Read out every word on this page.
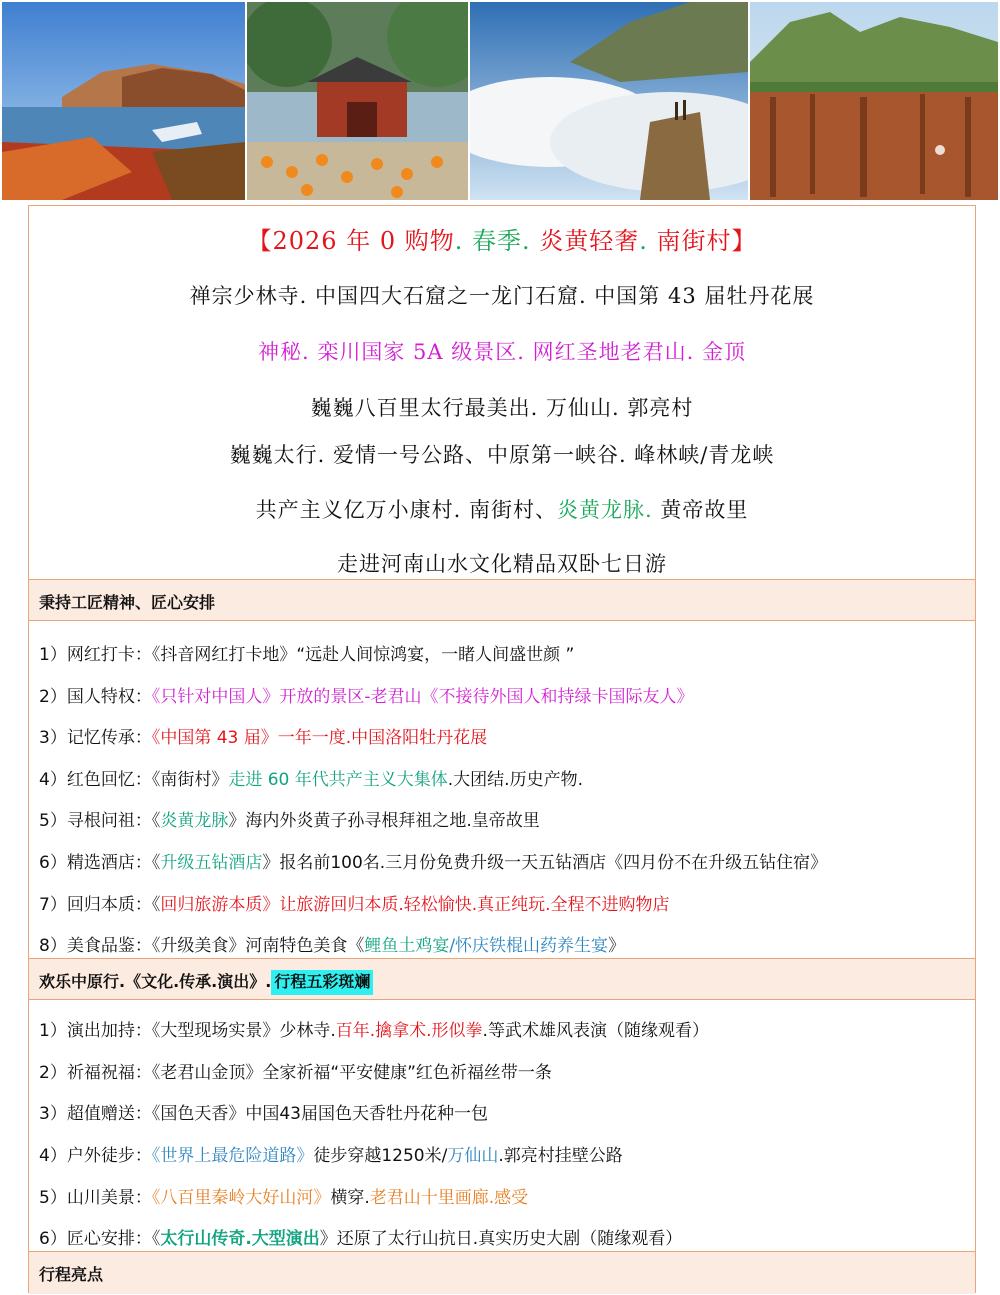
【2026 年 0 购物. 春季. 炎黄轻奢. 南街村】
禅宗少林寺. 中国四大石窟之一龙门石窟. 中国第 43 届牡丹花展
神秘. 栾川国家 5A 级景区. 网红圣地老君山. 金顶
巍巍八百里太行最美出. 万仙山. 郭亮村
巍巍太行. 爱情一号公路、中原第一峡谷. 峰林峡/青龙峡
共产主义亿万小康村. 南街村、炎黄龙脉. 黄帝故里
走进河南山水文化精品双卧七日游
秉持工匠精神、匠心安排
1）网红打卡：《抖音网红打卡地》“远赴人间惊鸿宴，一睹人间盛世颜 ”
2）国人特权：《只针对中国人》开放的景区-老君山《不接待外国人和持绿卡国际友人》
3）记忆传承：《中国第 43 届》一年一度.中国洛阳牡丹花展
4）红色回忆：《南街村》走进 60 年代共产主义大集体.大团结.历史产物.
5）寻根问祖：《炎黄龙脉》海内外炎黄子孙寻根拜祖之地.皇帝故里
6）精选酒店：《升级五钻酒店》报名前100名.三月份免费升级一天五钻酒店《四月份不在升级五钻住宿》
7）回归本质：《回归旅游本质》让旅游回归本质.轻松愉快.真正纯玩.全程不进购物店
8）美食品鉴：《升级美食》河南特色美食《鲤鱼土鸡宴/怀庆铁棍山药养生宴》
欢乐中原行.《文化.传承.演出》. 行程五彩斑斓
1）演出加持：《大型现场实景》少林寺.百年.擒拿术.形似拳.等武术雄风表演（随缘观看）
2）祈福祝福：《老君山金顶》全家祈福“平安健康”红色祈福丝带一条
3）超值赠送：《国色天香》中国43届国色天香牡丹花种一包
4）户外徒步：《世界上最危险道路》徒步穿越1250米/万仙山.郭亮村挂壁公路
5）山川美景：《八百里秦岭大好山河》横穿.老君山十里画廊.感受
6）匠心安排：《太行山传奇.大型演出》还原了太行山抗日.真实历史大剧（随缘观看）
行程亮点
